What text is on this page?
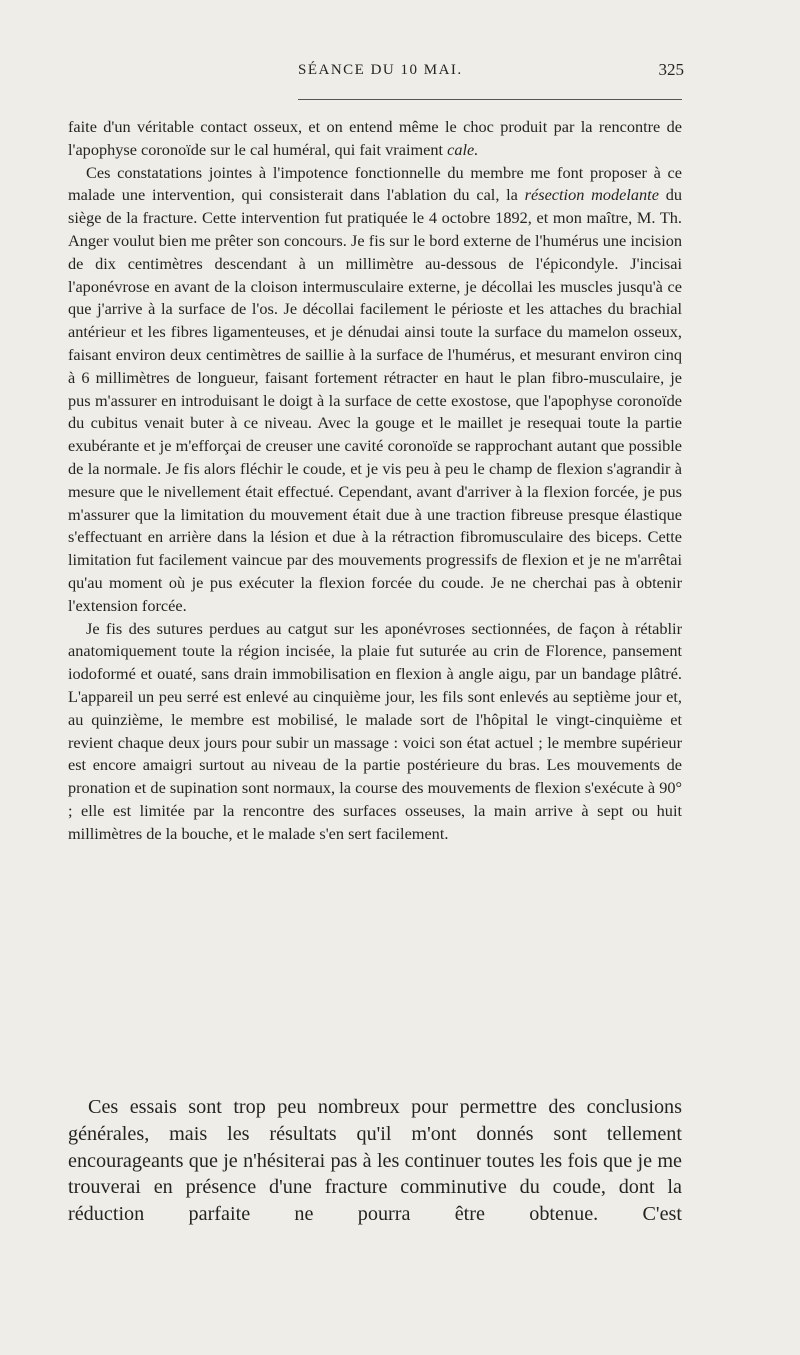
SÉANCE DU 10 MAI.	325

faite d'un véritable contact osseux, et on entend même le choc produit par la rencontre de l'apophyse coronoïde sur le cal huméral, qui fait vraiment cale.

Ces constatations jointes à l'impotence fonctionnelle du membre me font proposer à ce malade une intervention, qui consisterait dans l'ablation du cal, la résection modelante du siège de la fracture. Cette intervention fut pratiquée le 4 octobre 1892, et mon maître, M. Th. Anger voulut bien me prêter son concours. Je fis sur le bord externe de l'humérus une incision de dix centimètres descendant à un millimètre au-dessous de l'épicondyle. J'incisai l'aponévrose en avant de la cloison intermusculaire externe, je décollai les muscles jusqu'à ce que j'arrive à la surface de l'os. Je décollai facilement le périoste et les attaches du brachial antérieur et les fibres ligamenteuses, et je dénudai ainsi toute la surface du mamelon osseux, faisant environ deux centimètres de saillie à la surface de l'humérus, et mesurant environ cinq à 6 millimètres de longueur, faisant fortement rétracter en haut le plan fibro-musculaire, je pus m'assurer en introduisant le doigt à la surface de cette exostose, que l'apophyse coronoïde du cubitus venait buter à ce niveau. Avec la gouge et le maillet je resequai toute la partie exubérante et je m'efforçai de creuser une cavité coronoïde se rapprochant autant que possible de la normale. Je fis alors fléchir le coude, et je vis peu à peu le champ de flexion s'agrandir à mesure que le nivellement était effectué. Cependant, avant d'arriver à la flexion forcée, je pus m'assurer que la limitation du mouvement était due à une traction fibreuse presque élastique s'effectuant en arrière dans la lésion et due à la rétraction fibromusculaire des biceps. Cette limitation fut facilement vaincue par des mouvements progressifs de flexion et je ne m'arrêtai qu'au moment où je pus exécuter la flexion forcée du coude. Je ne cherchai pas à obtenir l'extension forcée.

Je fis des sutures perdues au catgut sur les aponévroses sectionnées, de façon à rétablir anatomiquement toute la région incisée, la plaie fut suturée au crin de Florence, pansement iodoformé et ouaté, sans drain immobilisation en flexion à angle aigu, par un bandage plâtré. L'appareil un peu serré est enlevé au cinquième jour, les fils sont enlevés au septième jour et, au quinzième, le membre est mobilisé, le malade sort de l'hôpital le vingt-cinquième et revient chaque deux jours pour subir un massage : voici son état actuel ; le membre supérieur est encore amaigri surtout au niveau de la partie postérieure du bras. Les mouvements de pronation et de supination sont normaux, la course des mouvements de flexion s'exécute à 90° ; elle est limitée par la rencontre des surfaces osseuses, la main arrive à sept ou huit millimètres de la bouche, et le malade s'en sert facilement.

Ces essais sont trop peu nombreux pour permettre des conclusions générales, mais les résultats qu'il m'ont donnés sont tellement encourageants que je n'hésiterai pas à les continuer toutes les fois que je me trouverai en présence d'une fracture comminutive du coude, dont la réduction parfaite ne pourra être obtenue. C'est
